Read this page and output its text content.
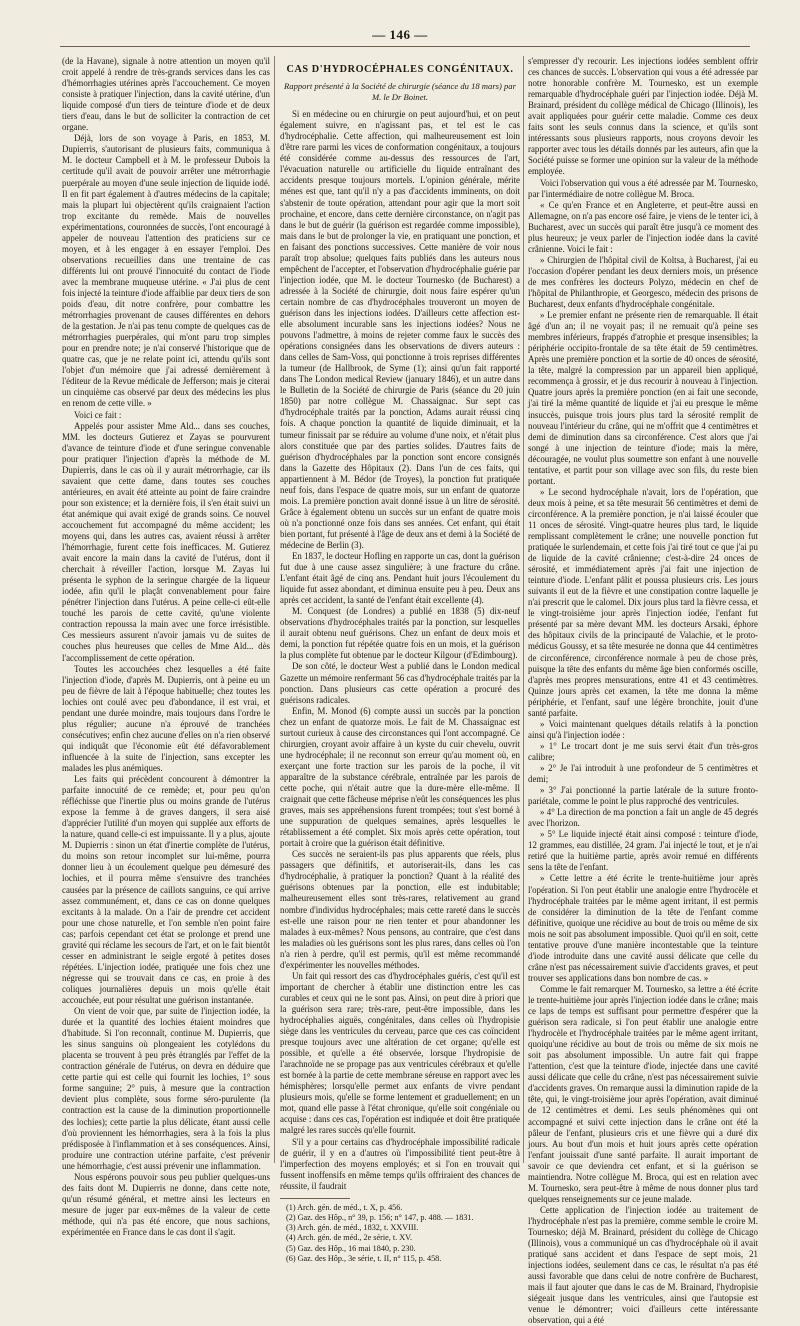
— 146 —

(de la Havane), signale à notre attention un moyen qu'il croit appelé à rendre de très-grands services dans les cas d'hémorrhagies utérines après l'accouchement. Ce moyen consiste à pratiquer l'injection, dans la cavité utérine, d'un liquide composé d'un tiers de teinture d'iode et de deux tiers d'eau, dans le but de solliciter la contraction de cet organe.

Déjà, lors de son voyage à Paris, en 1853, M. Dupierris, s'autorisant de plusieurs faits, communiqua à M. le docteur Campbell et à M. le professeur Dubois la certitude qu'il avait de pouvoir arrêter une métrorrhagie puerpérale au moyen d'une seule injection de liquide iodé. Il en fit part également à d'autres médecins de la capitale; mais la plupart lui objectèrent qu'ils craignaient l'action trop excitante du remède. Mais de nouvelles expérimentations, couronnées de succès, l'ont encouragé à appeler de nouveau l'attention des praticiens sur ce moyen, et à les engager à en essayer l'emploi. Des observations recueillies dans une trentaine de cas différents lui ont prouvé l'innocuité du contact de l'iode avec la membrane muqueuse utérine. « J'ai plus de cent fois injecté la teinture d'iode affaiblie par deux tiers de son poids d'eau, dit notre confrère, pour combattre les métrorrhagies provenant de causes différentes en dehors de la gestation. Je n'ai pas tenu compte de quelques cas de métrorrhagies puerpérales, qui m'ont paru trop simples pour en prendre note; je n'ai conservé l'historique que de quatre cas, que je ne relate point ici, attendu qu'ils sont l'objet d'un mémoire que j'ai adressé dernièrement à l'éditeur de la Revue médicale de Jefferson; mais je citerai un cinquième cas observé par deux des médecins les plus en renom de cette ville. »

Voici ce fait :

Appelés pour assister Mme Ald... dans ses couches, MM. les docteurs Gutierez et Zayas se pourvurent d'avance de teinture d'iode et d'une seringue convenable pour pratiquer l'injection d'après la méthode de M. Dupierris, dans le cas où il y aurait métrorrhagie, car ils savaient que cette dame, dans toutes ses couches antérieures, en avait été atteinte au point de faire craindre pour son existence; et la dernière fois, il s'en était suivi un état anémique qui avait exigé de grands soins. Ce nouvel accouchement fut accompagné du même accident; les moyens qui, dans les autres cas, avaient réussi à arrêter l'hémorrhagie, furent cette fois inefficaces. M. Gutierez avait encore la main dans la cavité de l'utérus, dont il cherchait à réveiller l'action, lorsque M. Zayas lui présenta le syphon de la seringue chargée de la liqueur iodée, afin qu'il le plaçât convenablement pour faire pénétrer l'injection dans l'utérus. A peine celle-ci eût-elle touché les parois de cette cavité, qu'une violente contraction repoussa la main avec une force irrésistible. Ces messieurs assurent n'avoir jamais vu de suites de couches plus heureuses que celles de Mme Ald... dès l'accomplissement de cette opération.

Toutes les accouchées chez lesquelles a été faite l'injection d'iode, d'après M. Dupierris, ont à peine eu un peu de fièvre de lait à l'époque habituelle; chez toutes les lochies ont coulé avec peu d'abondance, il est vrai, et pendant une durée moindre, mais toujours dans l'ordre le plus régulier; aucune n'a éprouvé de tranchées consécutives; enfin chez aucune d'elles on n'a rien observé qui indiquât que l'économie eût été défavorablement influencée à la suite de l'injection, sans excepter les malades les plus anémiques.

Les faits qui précèdent concourent à démontrer la parfaite innocuité de ce remède; et, pour peu qu'on réfléchisse que l'inertie plus ou moins grande de l'utérus expose la femme à de graves dangers, il sera aisé d'apprécier l'utilité d'un moyen qui supplée aux efforts de la nature, quand celle-ci est impuissante. Il y a plus, ajoute M. Dupierris : sinon un état d'inertie complète de l'utérus, du moins son retour incomplet sur lui-même, pourra donner lieu à un écoulement quelque peu démesuré des lochies, et il pourra même s'ensuivre des tranchées causées par la présence de caillots sanguins, ce qui arrive assez communément, et, dans ce cas on donne quelques excitants à la malade. On a l'air de prendre cet accident pour une chose naturelle, et l'on semble n'en point faire cas; parfois cependant cet état se prolonge et prend une gravité qui réclame les secours de l'art, et on le fait bientôt cesser en administrant le seigle ergoté à petites doses répétées. L'injection iodée, pratiquée une fois chez une négresse qui se trouvait dans ce cas, en proie à des coliques journalières depuis un mois qu'elle était accouchée, eut pour résultat une guérison instantanée.

On vient de voir que, par suite de l'injection iodée, la durée et la quantité des lochies étaient moindres que d'habitude. Si l'on reconnaît, continue M. Dupierris, que les sinus sanguins où plongeaient les cotylédons du placenta se trouvent à peu près étranglés par l'effet de la contraction générale de l'utérus, on devra en déduire que cette partie qui est celle qui fournit les lochies, 1° sous forme sanguine; 2° puis, à mesure que la contraction devient plus complète, sous forme séro-purulente (la contraction est la cause de la diminution proportionnelle des lochies); cette partie la plus délicate, étant aussi celle d'où proviennent les hémorrhagies, sera à la fois la plus prédisposée à l'inflammation et à ses conséquences. Ainsi, produire une contraction utérine parfaite, c'est prévenir une hémorrhagie, c'est aussi prévenir une inflammation.

Nous espérons pouvoir sous peu publier quelques-uns des faits dont M. Dupierris ne donne, dans cette note, qu'un résumé général, et mettre ainsi les lecteurs en mesure de juger par eux-mêmes de la valeur de cette méthode, qui n'a pas été encore, que nous sachions, expérimentée en France dans le cas dont il s'agit.

CAS D'HYDROCÉPHALES CONGÉNITAUX.
Rapport présenté à la Société de chirurgie (séance du 18 mars) par M. le Dr Boinet.

Si en médecine ou en chirurgie on peut aujourd'hui, et on peut également suivre, en n'agissant pas, et tel est le cas d'hydrocéphalie. Cette affection, qui malheureusement est loin d'être rare parmi les vices de conformation congénitaux, a toujours été considérée comme au-dessus des ressources de l'art, l'évacuation naturelle ou artificielle du liquide entraînant des accidents presque toujours mortels. L'opinion générale, mérite ménes est que, tant qu'il n'y a pas d'accidents imminents, on doit s'abstenir de toute opération, attendant pour agir que la mort soit prochaine, et encore, dans cette dernière circonstance, on n'agit pas dans le but de guérir (la guérison est regardée comme impossible), mais dans le but de prolonger la vie, en pratiquant une ponction, et en faisant des ponctions successives. Cette manière de voir nous paraît trop absolue; quelques faits publiés dans les auteurs nous empêchent de l'accepter, et l'observation d'hydrocéphalie guérie par l'injection iodée, que M. le docteur Tournesko (de Bucharest) a adressée à la Société de chirurgie, doit nous faire espérer qu'un certain nombre de cas d'hydrocéphales trouveront un moyen de guérison dans les injections iodées. D'ailleurs cette affection est-elle absolument incurable sans les injections iodées? Nous ne pouvons l'admettre, à moins de rejeter comme faux le succès des opérations consignées dans les observations de divers auteurs : dans celles de Sam-Voss, qui ponctionne à trois reprises différentes la tumeur (de Hallbrook, de Syme (1); ainsi qu'un fait rapporté dans The London medical Review (january 1846), et un autre dans le Bulletin de la Société de chirurgie de Paris (séance du 20 juin 1850) par notre collègue M. Chassaignac. Sur sept cas d'hydrocéphale traités par la ponction, Adams aurait réussi cinq fois. A chaque ponction la quantité de liquide diminuait, et la tumeur finissait par se réduire au volume d'une noix, et n'était plus alors constituée que par des parties solides. D'autres faits de guérison d'hydrocéphales par la ponction sont encore consignés dans la Gazette des Hôpitaux (2). Dans l'un de ces faits, qui appartiennent à M. Bédor (de Troyes), la ponction fut pratiquée neuf fois, dans l'espace de quatre mois, sur un enfant de quatorze mois. La première ponction avait donné issue à un litre de sérosité. Grâce à également obtenu un succès sur un enfant de quatre mois où n'a ponctionné onze fois dans ses années. Cet enfant, qui était bien portant, fut présenté à l'âge de deux ans et demi à la Société de médecine de Berlin (3).

En 1837, le docteur Hofling en rapporte un cas, dont la guérison fut due à une cause assez singulière; à une fracture du crâne. L'enfant était âgé de cinq ans. Pendant huit jours l'écoulement du liquide fut assez abondant, et diminua ensuite peu à peu. Deux ans après cet accident, la santé de l'enfant était excellente (4).

M. Conquest (de Londres) a publié en 1838 (5) dix-neuf observations d'hydrocéphales traités par la ponction, sur lesquelles il aurait obtenu neuf guérisons. Chez un enfant de deux mois et demi, la ponction fut répétée quatre fois en un mois, et la guérison la plus complète fut obtenue par le docteur Kilgour (d'Edimbourg).

De son côté, le docteur West a publié dans le London medical Gazette un mémoire renfermant 56 cas d'hydrocéphale traités par la ponction. Dans plusieurs cas cette opération a procuré des guérisons radicales.

Enfin, M. Monod (6) compte aussi un succès par la ponction chez un enfant de quatorze mois. Le fait de M. Chassaignac est surtout curieux à cause des circonstances qui l'ont accompagné. Ce chirurgien, croyant avoir affaire à un kyste du cuir chevelu, ouvrit une hydrocéphale; il ne reconnut son erreur qu'au moment où, en exerçant une forte traction sur les parois de la poche, il vit apparaître de la substance cérébrale, entraînée par les parois de cette poche, qui n'était autre que la dure-mère elle-même. Il craignait que cette fâcheuse méprise n'eût les conséquences les plus graves, mais ses appréhensions furent trompées; tout s'est borné à une suppuration de quelques semaines, après lesquelles le rétablissement a été complet. Six mois après cette opération, tout portait à croire que la guérison était définitive.

Ces succès ne seraient-ils pas plus apparents que réels, plus passagers que définitifs, et autoriserait-ils, dans les cas d'hydrocéphalie, à pratiquer la ponction? Quant à la réalité des guérisons obtenues par la ponction, elle est indubitable; malheureusement elles sont très-rares, relativement au grand nombre d'individus hydrocéphales; mais cette rareté dans le succès est-elle une raison pour ne rien tenter et pour abandonner les malades à eux-mêmes? Nous pensons, au contraire, que c'est dans les maladies où les guérisons sont les plus rares, dans celles où l'on n'a rien à perdre, qu'il est permis, qu'il est même recommandé d'expérimenter les nouvelles méthodes.

Un fait qui ressort des cas d'hydrocéphales guéris, c'est qu'il est important de chercher à établir une distinction entre les cas curables et ceux qui ne le sont pas. Ainsi, on peut dire à priori que la guérison sera rare; très-rare, peut-être impossible, dans les hydrocéphalies aiguës, congénitales, dans celles où l'hydropisie siège dans les ventricules du cerveau, parce que ces cas coïncident presque toujours avec une altération de cet organe; qu'elle est possible, et qu'elle a été observée, lorsque l'hydropisie de l'arachnoïde ne se propage pas aux ventricules cérébraux et qu'elle est bornée à la partie de cette membrane séreuse en rapport avec les hémisphères; lorsqu'elle permet aux enfants de vivre pendant plusieurs mois, qu'elle se forme lentement et graduellement; en un mot, quand elle passe à l'état chronique, qu'elle soit congéniale ou acquise : dans ces cas, l'opération est indiquée et doit être pratiquée malgré les rares succès qu'elle fournit.

S'il y a pour certains cas d'hydrocéphale impossibilité radicale de guérir, il y en a d'autres où l'impossibilité tient peut-être à l'imperfection des moyens employés; et si l'on en trouvait qui fussent inoffensifs en même temps qu'ils offriraient des chances de réussite, il faudrait

(1) Arch. gén. de méd., t. X, p. 456.
(2) Gaz. des Hôp., n° 39, p. 156; n° 147, p. 488. — 1831.
(3) Arch. gén. de méd., 1832, t. XXVIII.
(4) Arch. gén. de méd., 2e série, t. XV.
(5) Gaz. des Hôp., 16 mai 1840, p. 230.
(6) Gaz. des Hôp., 3e série, t. II, n° 115, p. 458.

s'empresser d'y recourir. Les injections iodées semblent offrir ces chances de succès. L'observation qui vous a été adressée par notre honorable confrère M. Tournesko, est un exemple remarquable d'hydrocéphale guéri par l'injection iodée. Déjà M. Brainard, président du collège médical de Chicago (Illinois), les avait appliquées pour guérir cette maladie. Comme ces deux faits sont les seuls connus dans la science, et qu'ils sont intéressants sous plusieurs rapports, nous croyons devoir les rapporter avec tous les détails donnés par les auteurs, afin que la Société puisse se former une opinion sur la valeur de la méthode employée.

Voici l'observation qui vous a été adressée par M. Tournesko, par l'intermédiaire de notre collègue M. Broca.

« Ce qu'en France et en Angleterre, et peut-être aussi en Allemagne, on n'a pas encore osé faire, je viens de le tenter ici, à Bucharest, avec un succès qui paraît être jusqu'à ce moment des plus heureux; je veux parler de l'injection iodée dans la cavité crânienne. Voici le fait :

» Chirurgien de l'hôpital civil de Koltsa, à Bucharest, j'ai eu l'occasion d'opérer pendant les deux derniers mois, un présence de mes confrères les docteurs Polyzo, médecin en chef de l'hôpital de Philanthropie, et Georgesco, médecin des prisons de Bucharest, deux enfants d'hydrocéphale congénitale.

» Le premier enfant ne présente rien de remarquable. Il était âgé d'un an; il ne voyait pas; il ne remuait qu'à peine ses membres inférieurs, frappés d'atrophie et presque insensibles; la périphérie occipito-frontale de sa tête était de 59 centimètres. Après une première ponction et la sortie de 40 onces de sérosité, la tête, malgré la compression par un appareil bien appliqué, recommença à grossir, et je dus recourir à nouveau à l'injection. Quatre jours après la première ponction (en ai fait une seconde, j'ai tiré la même quantité de liquide et j'ai eu presque le même insuccès, puisque trois jours plus tard la sérosité remplit de nouveau l'intérieur du crâne, qui ne m'offrit que 4 centimètres et demi de diminution dans sa circonférence. C'est alors que j'ai songé à une injection de teinture d'iode; mais la mère, découragée, ne voulut plus soumettre son enfant à une nouvelle tentative, et partit pour son village avec son fils, du reste bien portant.

» Le second hydrocéphale n'avait, lors de l'opération, que deux mois à peine, et sa tête mesurait 56 centimètres et demi de circonférence. A la première ponction, je n'ai laissé écouler que 11 onces de sérosité. Vingt-quatre heures plus tard, le liquide remplissant complètement le crâne; une nouvelle ponction fut pratiquée le surlendemain, et cette fois j'ai tiré tout ce que j'ai pu de liquide de la cavité crânienne; c'est-à-dire 24 onces de sérosité, et immédiatement après j'ai fait une injection de teinture d'iode. L'enfant pâlit et poussa plusieurs cris. Les jours suivants il eut de la fièvre et une constipation contre laquelle je n'ai prescrit que le calomel. Dix jours plus tard la fièvre cessa, et le vingt-troisième jour après l'injection iodée, l'enfant fut présenté par sa mère devant MM. les docteurs Arsaki, éphore des hôpitaux civils de la principauté de Valachie, et le proto-médicus Goussy, et sa tête mesurée ne donna que 44 centimètres de circonférence, circonférence normale à peu de chose près, puisque la tête des enfants du même âge bien conformés oscille, d'après mes propres mensurations, entre 41 et 43 centimètres. Quinze jours après cet examen, la tête me donna la même périphérie, et l'enfant, sauf une légère bronchite, jouit d'une santé parfaite.

» Voici maintenant quelques détails relatifs à la ponction ainsi qu'à l'injection iodée :

» 1° Le trocart dont je me suis servi était d'un très-gros calibre;

» 2° Je l'ai introduit à une profondeur de 5 centimètres et demi;

» 3° J'ai ponctionné la partie latérale de la suture fronto-pariétale, comme le point le plus rapproché des ventricules.

» 4° La direction de ma ponction a fait un angle de 45 degrés avec l'horizon.

» 5° Le liquide injecté était ainsi composé : teinture d'iode, 12 grammes, eau distillée, 24 gram. J'ai injecté le tout, et je n'ai retiré que la huitième partie, après avoir remué en différents sens la tête de l'enfant.

» Cette lettre a été écrite le trente-huitième jour après l'opération. Si l'on peut établir une analogie entre l'hydrocèle et l'hydrocéphale traitées par le même agent irritant, il est permis de considérer la diminution de la tête de l'enfant comme définitive, quoique une récidive au bout de trois ou même de six mois ne soit pas absolument impossible. Quoi qu'il en soit, cette tentative prouve d'une manière incontestable que la teinture d'iode introduite dans une cavité aussi délicate que celle du crâne n'est pas nécessairement suivie d'accidents graves, et peut trouver ses applications dans bon nombre de cas. »

Comme le fait remarquer M. Tournesko, sa lettre a été écrite le trente-huitième jour après l'injection iodée dans le crâne; mais ce laps de temps est suffisant pour permettre d'espérer que la guérison sera radicale, si l'on peut établir une analogie entre l'hydrocèle et l'hydrocéphale traitées par le même agent irritant, quoiqu'une récidive au bout de trois ou même de six mois ne soit pas absolument impossible. Un autre fait qui frappe l'attention, c'est que la teinture d'iode, injectée dans une cavité aussi délicate que celle du crâne, n'est pas nécessairement suivie d'accidents graves. On remarque aussi la diminution rapide de la tête, qui, le vingt-troisième jour après l'opération, avait diminué de 12 centimètres et demi. Les seuls phénomènes qui ont accompagné et suivi cette injection dans le crâne ont été la pâleur de l'enfant, plusieurs cris et une fièvre qui a duré dix jours. Au bout d'un mois et huit jours après cette opération l'enfant jouissait d'une santé parfaite. Il aurait important de savoir ce que deviendra cet enfant, et si la guérison se maintiendra. Notre collègue M. Broca, qui est en relation avec M. Tournesko, sera peut-être à même de nous donner plus tard quelques renseignements sur ce jeune malade.

Cette application de l'injection iodée au traitement de l'hydrocéphale n'est pas la première, comme semble le croire M. Tournesko; déjà M. Brainard, président du collège de Chicago (Illinois), vous a communiqué un cas d'hydrocéphale où il avait pratiqué sans accident et dans l'espace de sept mois, 21 injections iodées, seulement dans ce cas, le résultat n'a pas été aussi favorable que dans celui de notre confrère de Bucharest, mais il faut ajouter que dans le cas de M. Brainard, l'hydropisie siégeait jusque dans les ventricules, ainsi que l'autopsie est venue le démontrer; voici d'ailleurs cette intéressante observation, qui a été
